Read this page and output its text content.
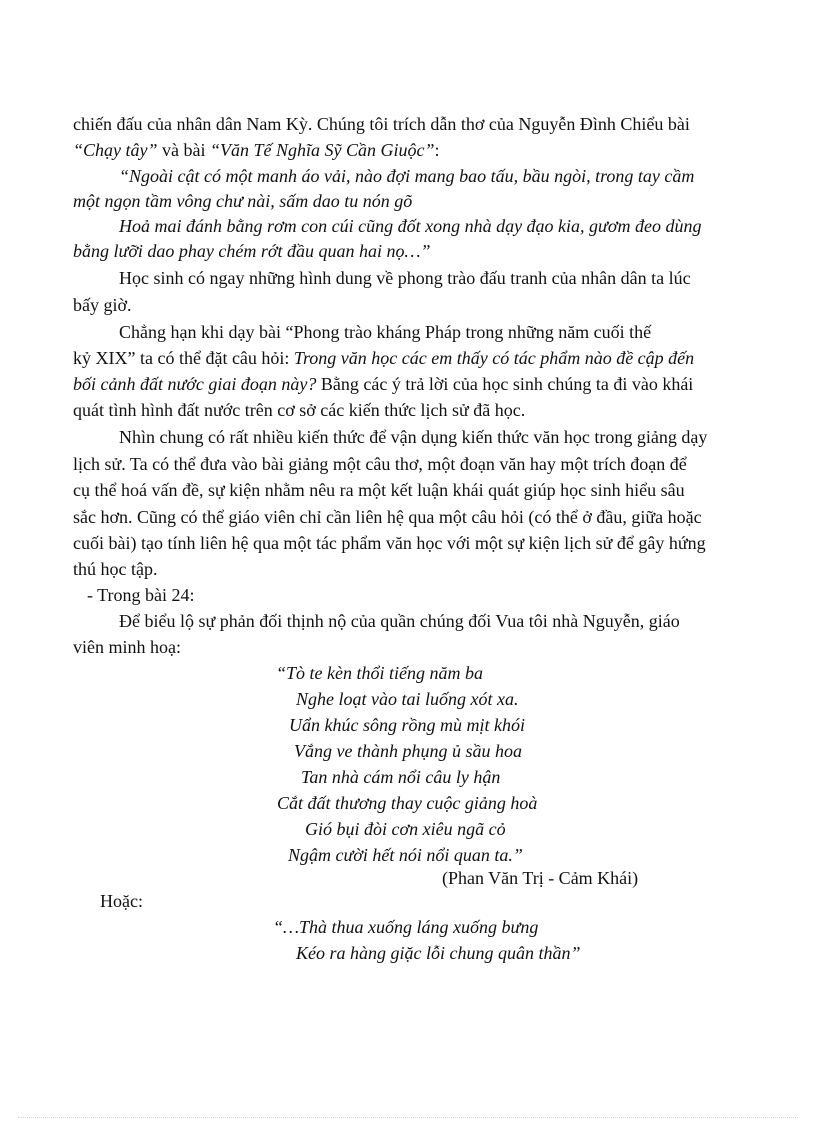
chiến đấu của nhân dân Nam Kỳ. Chúng tôi trích dẫn thơ của Nguyễn Đình Chiểu bài
“Chạy tây” và bài “Văn Tế Nghĩa Sỹ Cần Giuộc”:
“Ngoài cật có một manh áo vải, nào đợi mang bao tấu, bầu ngòi, trong tay cầm
một ngọn tầm vông chư nài, sấm dao tu nón gõ
Hoả mai đánh bằng rơm con cúi cũng đốt xong nhà dạy đạo kia, gươm đeo dùng
bằng lưỡi dao phay chém rớt đầu quan hai nọ…”
Học sinh có ngay những hình dung về phong trào đấu tranh của nhân dân ta lúc
bấy giờ.
Chẳng hạn khi dạy bài “Phong trào kháng Pháp trong những năm cuối thế
kỷ XIX” ta có thể đặt câu hỏi: Trong văn học các em thấy có tác phẩm nào đề cập đến
bối cảnh đất nước giai đoạn này? Bằng các ý trả lời của học sinh chúng ta đi vào khái
quát tình hình đất nước trên cơ sở các kiến thức lịch sử đã học.
Nhìn chung có rất nhiều kiến thức để vận dụng kiến thức văn học trong giảng dạy
lịch sử. Ta có thể đưa vào bài giảng một câu thơ, một đoạn văn hay một trích đoạn để
cụ thể hoá vấn đề, sự kiện nhằm nêu ra một kết luận khái quát giúp học sinh hiểu sâu
sắc hơn. Cũng có thể giáo viên chỉ cần liên hệ qua một câu hỏi (có thể ở đầu, giữa hoặc
cuối bài) tạo tính liên hệ qua một tác phẩm văn học với một sự kiện lịch sử để gây hứng
thú học tập.
- Trong bài 24:
Để biểu lộ sự phản đối thịnh nộ của quần chúng đối Vua tôi nhà Nguyễn, giáo
viên minh hoạ:
“Tò te kèn thổi tiếng năm ba
Nghe loạt vào tai luống xót xa.
Uẩn khúc sông rồng mù mịt khói
Vắng ve thành phụng ủ sầu hoa
Tan nhà cám nổi câu ly hận
Cắt đất thương thay cuộc giảng hoà
Gió bụi đòi cơn xiêu ngã cỏ
Ngậm cười hết nói nổi quan ta.”
(Phan Văn Trị - Cảm Khái)
Hoặc:
“…Thà thua xuống láng xuống bưng
Kéo ra hàng giặc lỗi chung quân thần”
